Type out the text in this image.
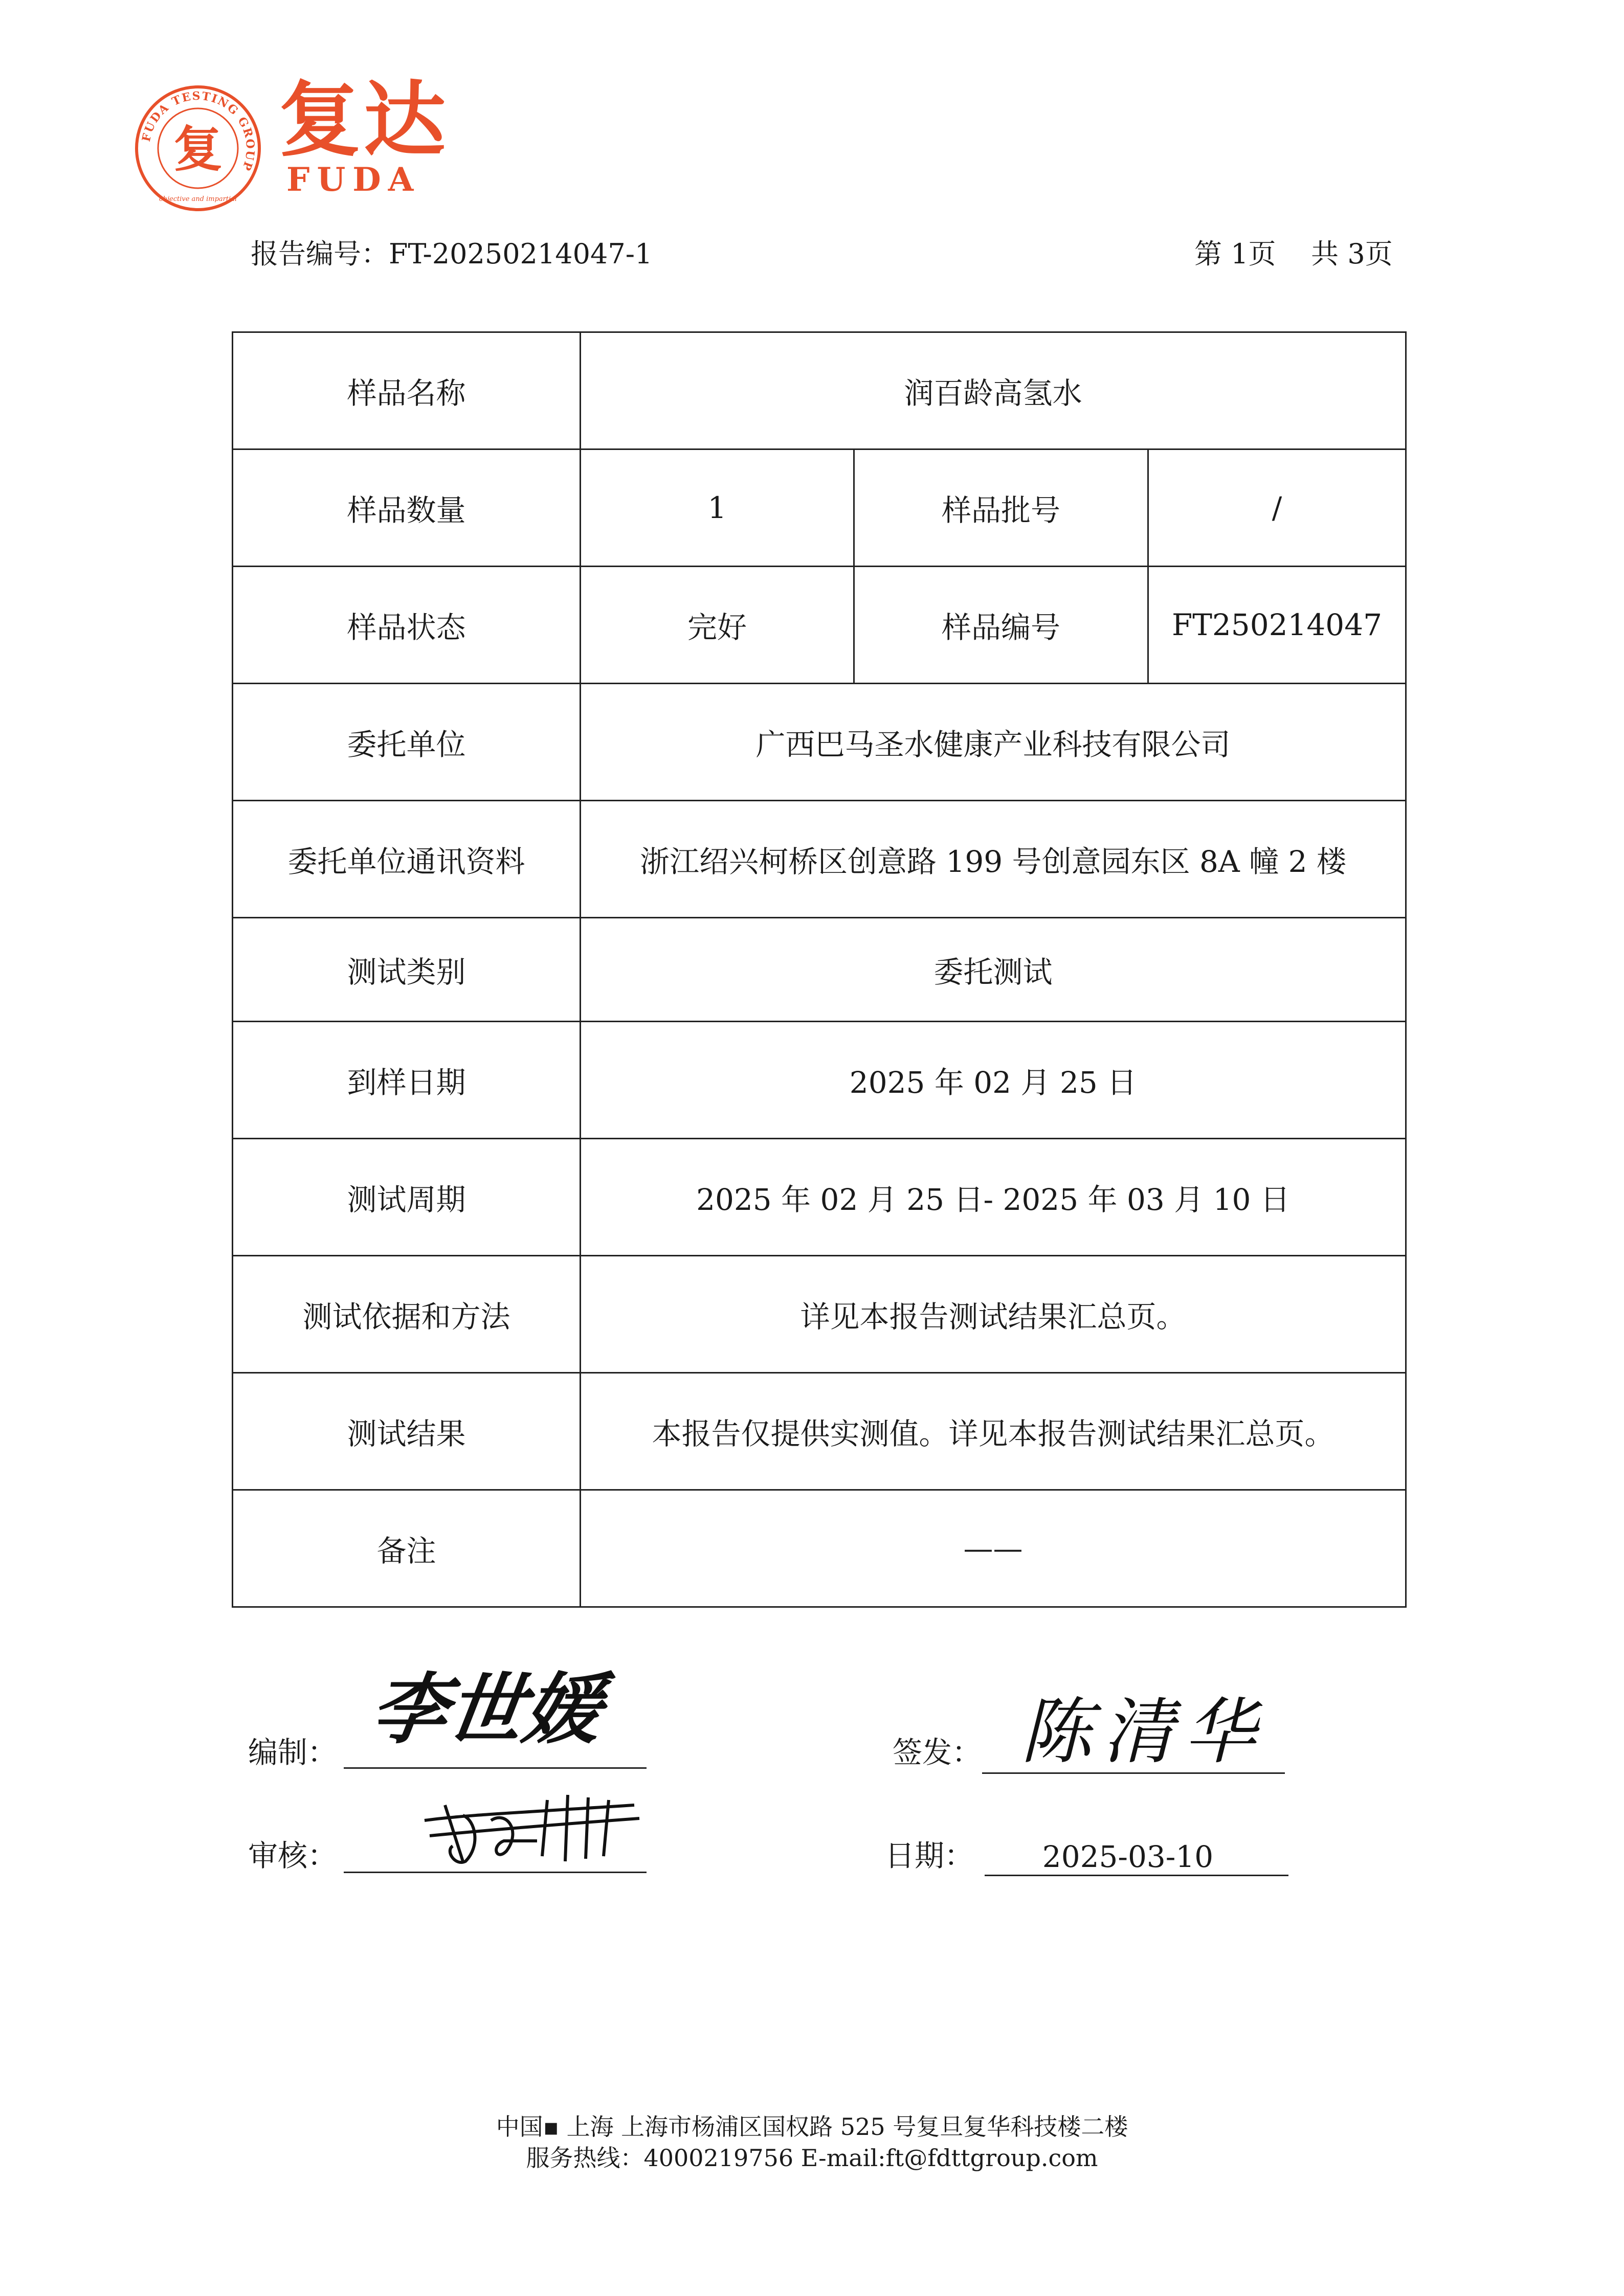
FUDA TESTING GROUP
objective and impartial
复 复达
FUDA
报告编号：FT-20250214047-1	第 1页    共 3页
样品名称	润百龄高氢水		
样品数量	1	样品批号	/
样品状态	完好	样品编号	FT250214047
委托单位	广西巴马圣水健康产业科技有限公司		
委托单位通讯资料	浙江绍兴柯桥区创意路 199 号创意园东区 8A 幢 2 楼		
测试类别	委托测试		
到样日期	2025 年 02 月 25 日		
测试周期	2025 年 02 月 25 日- 2025 年 03 月 10 日		
测试依据和方法	详见本报告测试结果汇总页。		
测试结果	本报告仅提供实测值。详见本报告测试结果汇总页。		
备注	——		
编制： 李世媛
审核：
签发： 陈清华
日期：	2025-03-10
中国▪ 上海 上海市杨浦区国权路 525 号复旦复华科技楼二楼
服务热线：4000219756 E-mail:ft@fdttgroup.com
